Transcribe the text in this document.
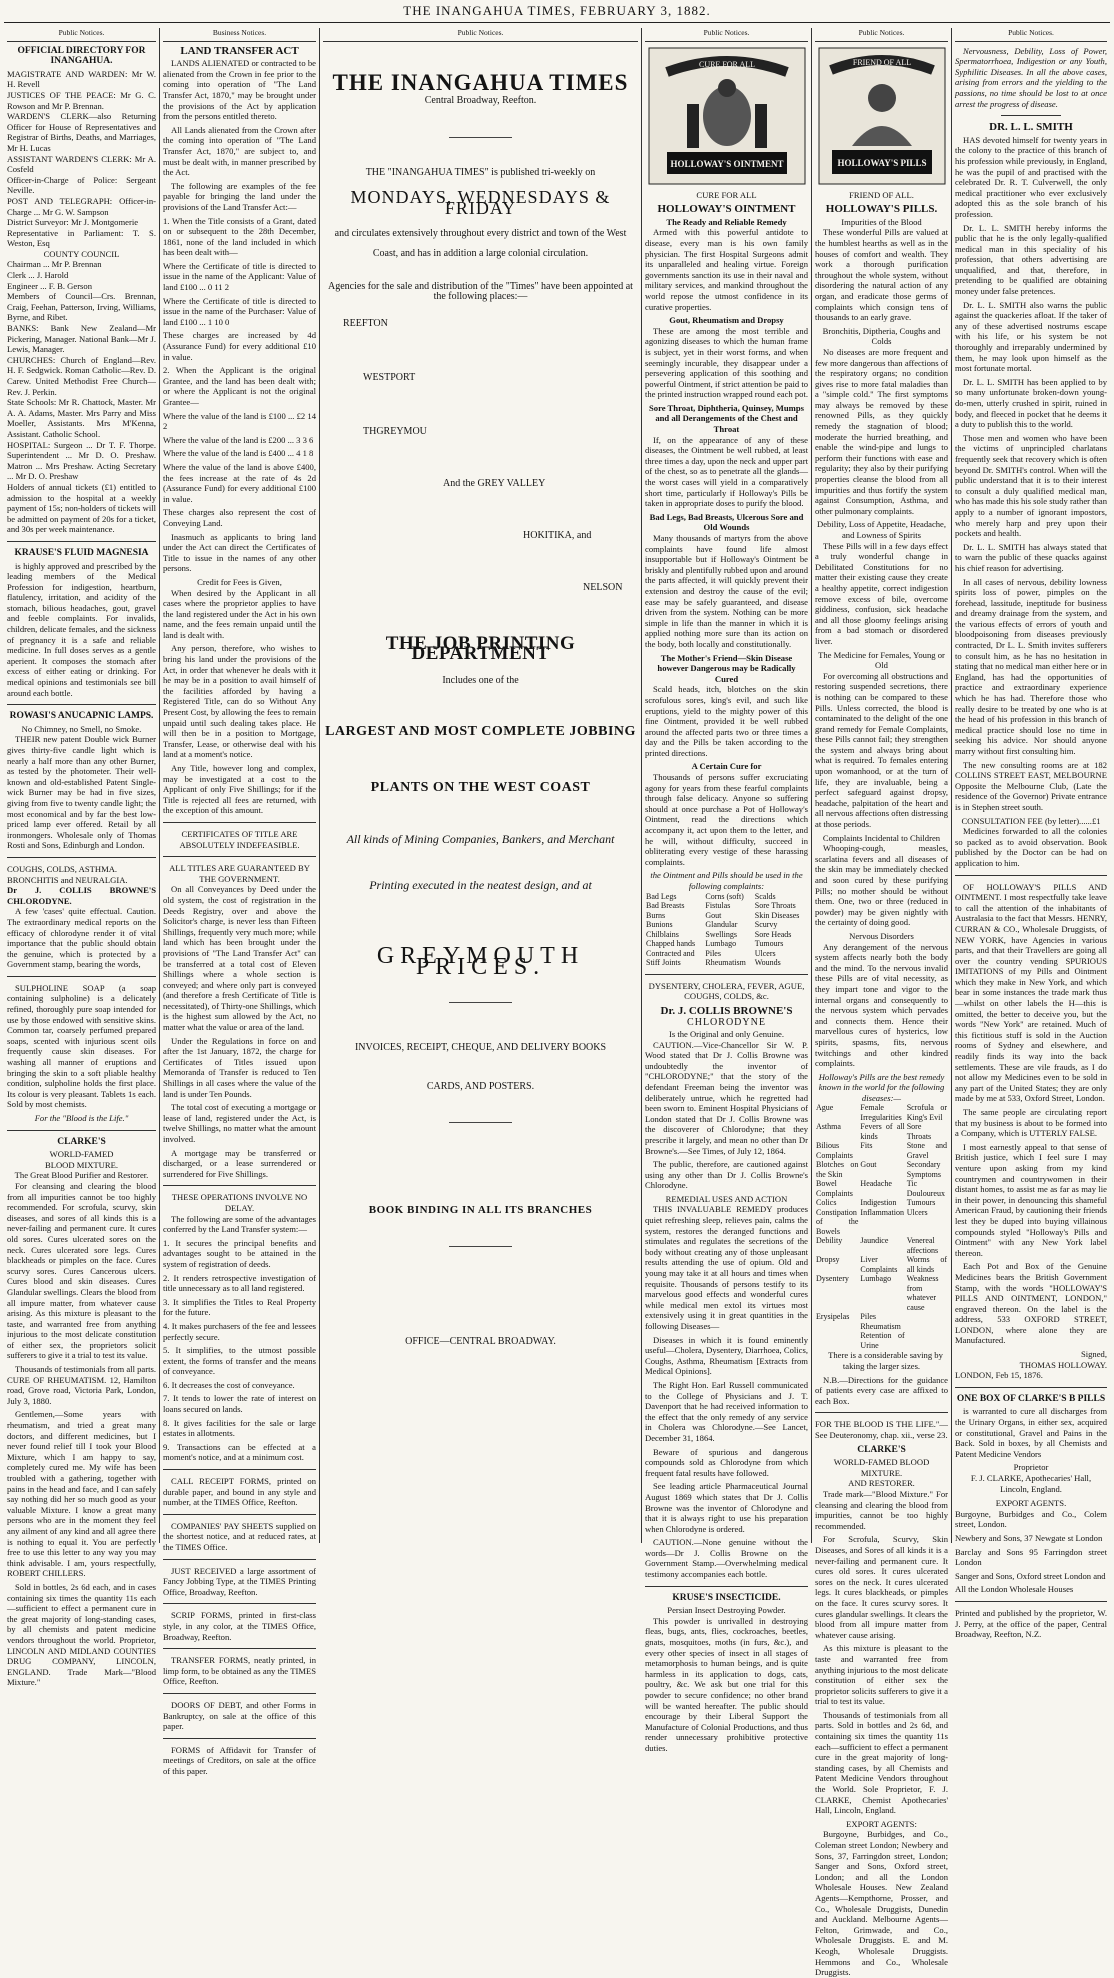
THE INANGAHUA TIMES, FEBRUARY 3, 1882.
Public Notices.
OFFICIAL DIRECTORY FOR INANGAHUA.
MAGISTRATE AND WARDEN: Mr W. H. Revell
JUSTICES OF THE PEACE: Mr G. C. Rowson and Mr P. Brennan.
WARDEN'S CLERK—also Returning Officer for House of Representatives and Registrar of Births, Deaths, and Marriages, Mr H. Lucas
ASSISTANT WARDEN'S CLERK: Mr A. Cosfeld
Officer-in-Charge of Police: Sergeant Neville.
POST AND TELEGRAPH: Officer-in-Charge ... Mr G. W. Sampson
District Surveyor: Mr J. Montgomerie
Representative in Parliament: T. S. Weston, Esq
COUNTY COUNCIL
Chairman ... Mr P. Brennan
Clerk ... J. Harold
Engineer ... F. B. Gerson
Members of Council—Crs. Brennan, Craig, Feehan, Patterson, Irving, Williams, Byrne, and Ribet.
BANKS: Bank New Zealand—Mr Pickering, Manager. National Bank—Mr J. Lewis, Manager.
CHURCHES: Church of England—Rev. H. F. Sedgwick. Roman Catholic—Rev. D. Carew. United Methodist Free Church—Rev. J. Perkin.
State Schools: Mr R. Chattock, Master. Mr A. A. Adams, Master. Mrs Parry and Miss Moeller, Assistants. Mrs M'Kenna, Assistant. Catholic School.
HOSPITAL: Surgeon ... Dr T. F. Thorpe. Superintendent ... Mr D. O. Preshaw. Matron ... Mrs Preshaw. Acting Secretary ... Mr D. O. Preshaw
Holders of annual tickets (£1) entitled to admission to the hospital at a weekly payment of 15s; non-holders of tickets will be admitted on payment of 20s for a ticket, and 30s per week maintenance.
KRAUSE'S FLUID MAGNESIA

is highly approved and prescribed by the leading members of the Medical Profession for indigestion, heartburn, flatulency, irritation, and acidity of the stomach, bilious headaches, gout, gravel and feeble complaints. For invalids, children, delicate females, and the sickness of pregnancy it is a safe and reliable medicine. In full doses serves as a gentle aperient. It composes the stomach after excess of either eating or drinking. For medical opinions and testimonials see bill around each bottle.

ROWASI'S ANUCAPNIC LAMPS.
No Chimney, no Smell, no Smoke.

THEIR new patent Double wick Burner gives thirty-five candle light which is nearly a half more than any other Burner, as tested by the photometer. Their well-known and old-established Patent Single-wick Burner may be had in five sizes, giving from five to twenty candle light; the most economical and by far the best low-priced lamp ever offered. Retail by all ironmongers. Wholesale only of Thomas Rosti and Sons, Edinburgh and London.

COUGHS, COLDS, ASTHMA.
BRONCHITIS and NEURALGIA.
Dr J. COLLIS BROWNE'S CHLORODYNE.

A few 'cases' quite effectual. Caution. The extraordinary medical reports on the efficacy of chlorodyne render it of vital importance that the public should obtain the genuine, which is protected by a Government stamp, bearing the words,

SULPHOLINE SOAP (a soap containing sulpholine) is a delicately refined, thoroughly pure soap intended for use by those endowed with sensitive skins. Common tar, coarsely perfumed prepared soaps, scented with injurious scent oils frequently cause skin diseases. For washing all manner of eruptions and bringing the skin to a soft pliable healthy condition, sulpholine holds the first place. Its colour is very pleasant. Tablets 1s each. Sold by most chemists.

For the "Blood is the Life."
CLARKE'S
WORLD-FAMED
BLOOD MIXTURE.
The Great Blood Purifier and Restorer.

For cleansing and clearing the blood from all impurities cannot be too highly recommended. For scrofula, scurvy, skin diseases, and sores of all kinds this is a never-failing and permanent cure. It cures old sores. Cures ulcerated sores on the neck. Cures ulcerated sore legs. Cures blackheads or pimples on the face. Cures scurvy sores. Cures Cancerous ulcers. Cures blood and skin diseases. Cures Glandular swellings. Clears the blood from all impure matter, from whatever cause arising. As this mixture is pleasant to the taste, and warranted free from anything injurious to the most delicate constitution of either sex, the proprietors solicit sufferers to give it a trial to test its value.

Thousands of testimonials from all parts. CURE OF RHEUMATISM. 12, Hamilton road, Grove road, Victoria Park, London, July 3, 1880.

Gentlemen,—Some years with rheumatism, and tried a great many doctors, and different medicines, but I never found relief till I took your Blood Mixture, which I am happy to say, completely cured me. My wife has been troubled with a gathering, together with pains in the head and face, and I can safely say nothing did her so much good as your valuable Mixture. I know a great many persons who are in the moment they feel any ailment of any kind and all agree there is nothing to equal it. You are perfectly free to use this letter to any way you may think advisable. I am, yours respectfully, ROBERT CHILLERS.

Sold in bottles, 2s 6d each, and in cases containing six times the quantity 11s each—sufficient to effect a permanent cure in the great majority of long-standing cases, by all chemists and patent medicine vendors throughout the world. Proprietor, LINCOLN AND MIDLAND COUNTIES DRUG COMPANY, LINCOLN, ENGLAND. Trade Mark—"Blood Mixture."

Business Notices.
LAND TRANSFER ACT

LANDS ALIENATED or contracted to be alienated from the Crown in fee prior to the coming into operation of "The Land Transfer Act, 1870," may be brought under the provisions of the Act by application from the persons entitled thereto.

All Lands alienated from the Crown after the coming into operation of "The Land Transfer Act, 1870," are subject to, and must be dealt with, in manner prescribed by the Act.

The following are examples of the fee payable for bringing the land under the provisions of the Land Transfer Act:—

1. When the Title consists of a Grant, dated on or subsequent to the 28th December, 1861, none of the land included in which has been dealt with—

Where the Certificate of title is directed to issue in the name of the Applicant: Value of land £100 ... 0 11 2

Where the Certificate of title is directed to issue in the name of the Purchaser: Value of land £100 ... 1 10 0

These charges are increased by 4d (Assurance Fund) for every additional £10 in value.

2. When the Applicant is the original Grantee, and the land has been dealt with; or where the Applicant is not the original Grantee—

Where the value of the land is £100 ... £2 14 2

Where the value of the land is £200 ... 3 3 6

Where the value of the land is £400 ... 4 1 8

Where the value of the land is above £400, the fees increase at the rate of 4s 2d (Assurance Fund) for every additional £100 in value.

These charges also represent the cost of Conveying Land.

Inasmuch as applicants to bring land under the Act can direct the Certificates of Title to issue in the names of any other persons.

Credit for Fees is Given,

When desired by the Applicant in all cases where the proprietor applies to have the land registered under the Act in his own name, and the fees remain unpaid until the land is dealt with.

Any person, therefore, who wishes to bring his land under the provisions of the Act, in order that whenever he deals with it he may be in a position to avail himself of the facilities afforded by having a Registered Title, can do so Without Any Present Cost, by allowing the fees to remain unpaid until such dealing takes place. He will then be in a position to Mortgage, Transfer, Lease, or otherwise deal with his land at a moment's notice.

Any Title, however long and complex, may be investigated at a cost to the Applicant of only Five Shillings; for if the Title is rejected all fees are returned, with the exception of this amount.

CERTIFICATES OF TITLE ARE
ABSOLUTELY INDEFEASIBLE.
ALL TITLES ARE GUARANTEED BY
THE GOVERNMENT.

On all Conveyances by Deed under the old system, the cost of registration in the Deeds Registry, over and above the Solicitor's charge, is never less than Fifteen Shillings, frequently very much more; while land which has been brought under the provisions of "The Land Transfer Act" can be transferred at a total cost of Eleven Shillings where a whole section is conveyed; and where only part is conveyed (and therefore a fresh Certificate of Title is necessitated), of Thirty-one Shillings, which is the highest sum allowed by the Act, no matter what the value or area of the land.

Under the Regulations in force on and after the 1st January, 1872, the charge for Certificates of Titles issued upon Memoranda of Transfer is reduced to Ten Shillings in all cases where the value of the land is under Ten Pounds.

The total cost of executing a mortgage or lease of land, registered under the Act, is twelve Shillings, no matter what the amount involved.

A mortgage may be transferred or discharged, or a lease surrendered or surrendered for Five Shillings.

THESE OPERATIONS INVOLVE NO DELAY.

The following are some of the advantages conferred by the Land Transfer system:—

1. It secures the principal benefits and advantages sought to be attained in the system of registration of deeds.

2. It renders retrospective investigation of title unnecessary as to all land registered.

3. It simplifies the Titles to Real Property for the future.

4. It makes purchasers of the fee and lessees perfectly secure.

5. It simplifies, to the utmost possible extent, the forms of transfer and the means of conveyance.

6. It decreases the cost of conveyance.

7. It tends to lower the rate of interest on loans secured on lands.

8. It gives facilities for the sale or large estates in allotments.

9. Transactions can be effected at a moment's notice, and at a minimum cost.

CALL RECEIPT FORMS, printed on durable paper, and bound in any style and number, at the TIMES Office, Reefton.

COMPANIES' PAY SHEETS supplied on the shortest notice, and at reduced rates, at the TIMES Office.

JUST RECEIVED a large assortment of Fancy Jobbing Type, at the TIMES Printing Office, Broadway, Reefton.

SCRIP FORMS, printed in first-class style, in any color, at the TIMES Office, Broadway, Reefton.

TRANSFER FORMS, neatly printed, in limp form, to be obtained as any the TIMES Office, Reefton.

DOORS OF DEBT, and other Forms in Bankruptcy, on sale at the office of this paper.

FORMS of Affidavit for Transfer of meetings of Creditors, on sale at the office of this paper.

Public Notices.
THE INANGAHUA TIMES
Central Broadway, Reefton.
THE "INANGAHUA TIMES" is published tri-weekly on
MONDAYS, WEDNESDAYS & FRIDAY
and circulates extensively throughout every district and town of the West Coast, and has in addition a large colonial circulation.
Agencies for the sale and distribution of the "Times" have been appointed at the following places:—
REEFTON
WESTPORT
THGREYMOU
And the GREY VALLEY
HOKITIKA, and
NELSON
THE JOB PRINTING DEPARTMENT
Includes one of the
LARGEST AND MOST COMPLETE JOBBING
PLANTS ON THE WEST COAST
All kinds of Mining Companies, Bankers, and Merchant
Printing executed in the neatest design, and at
GREYMOUTH PRICES.
INVOICES, RECEIPT, CHEQUE, AND DELIVERY BOOKS
CARDS, AND POSTERS.
BOOK BINDING IN ALL ITS BRANCHES
OFFICE—CENTRAL BROADWAY.
Public Notices.
CURE FOR ALL
HOLLOWAY'S OINTMENT
CURE FOR ALL
HOLLOWAY'S OINTMENT
The Ready and Reliable Remedy

Armed with this powerful antidote to disease, every man is his own family physician. The first Hospital Surgeons admit its unparalleled and healing virtue. Foreign governments sanction its use in their naval and military services, and mankind throughout the world repose the utmost confidence in its curative properties.

Gout, Rheumatism and Dropsy

These are among the most terrible and agonizing diseases to which the human frame is subject, yet in their worst forms, and when seemingly incurable, they disappear under a persevering application of this soothing and powerful Ointment, if strict attention be paid to the printed instruction wrapped round each pot.

Sore Throat, Diphtheria, Quinsey, Mumps and all Derangements of the Chest and Throat

If, on the appearance of any of these diseases, the Ointment be well rubbed, at least three times a day, upon the neck and upper part of the chest, so as to penetrate all the glands—the worst cases will yield in a comparatively short time, particularly if Holloway's Pills be taken in appropriate doses to purify the blood.

Bad Legs, Bad Breasts, Ulcerous Sore and Old Wounds

Many thousands of martyrs from the above complaints have found life almost insupportable but if Holloway's Ointment be briskly and plentifully rubbed upon and around the parts affected, it will quickly prevent their extension and destroy the cause of the evil; ease may be safely guaranteed, and disease driven from the system. Nothing can be more simple in life than the manner in which it is applied nothing more sure than its action on the body, both locally and constitutionally.

The Mother's Friend—Skin Disease however Dangerous may be Radically Cured

Scald heads, itch, blotches on the skin scrofulous sores, king's evil, and such like eruptions, yield to the mighty power of this fine Ointment, provided it be well rubbed around the affected parts two or three times a day and the Pills be taken according to the printed directions.

A Certain Cure for

Thousands of persons suffer excruciating agony for years from these fearful complaints through false delicacy. Anyone so suffering should at once purchase a Pot of Holloway's Ointment, read the directions which accompany it, act upon them to the letter, and he will, without difficulty, succeed in obliterating every vestige of these harassing complaints.

the Ointment and Pills should be used in the following complaints:
Bad Legs	Corns (soft)	Scalds
Bad Breasts	Fistulas	Sore Throats
Burns	Gout	Skin Diseases
Bunions	Glandular	Scurvy
Chilblains	Swellings	Sore Heads
Chapped hands	Lumbago	Tumours
Contracted and	Piles	Ulcers
Stiff Joints	Rheumatism	Wounds
DYSENTERY, CHOLERA, FEVER, AGUE, COUGHS, COLDS, &c.
Dr. J. COLLIS BROWNE'S
CHLORODYNE
Is the Original and only Genuine.

CAUTION.—Vice-Chancellor Sir W. P. Wood stated that Dr J. Collis Browne was undoubtedly the inventor of "CHLORODYNE;" that the story of the defendant Freeman being the inventor was deliberately untrue, which he regretted had been sworn to. Eminent Hospital Physicians of London stated that Dr J. Collis Browne was the discoverer of Chlorodyne; that they prescribe it largely, and mean no other than Dr Browne's.—See Times, of July 12, 1864.

The public, therefore, are cautioned against using any other than Dr J. Collis Browne's Chlorodyne.

REMEDIAL USES AND ACTION

THIS INVALUABLE REMEDY produces quiet refreshing sleep, relieves pain, calms the system, restores the deranged functions and stimulates and regulates the secretions of the body without creating any of those unpleasant results attending the use of opium. Old and young may take it at all hours and times when requisite. Thousands of persons testify to its marvelous good effects and wonderful cures while medical men extol its virtues most extensively using it in great quantities in the following Diseases—

Diseases in which it is found eminently useful—Cholera, Dysentery, Diarrhoea, Colics, Coughs, Asthma, Rheumatism [Extracts from Medical Opinions].

The Right Hon. Earl Russell communicated to the College of Physicians and J. T. Davenport that he had received information to the effect that the only remedy of any service in Cholera was Chlorodyne.—See Lancet, December 31, 1864.

Beware of spurious and dangerous compounds sold as Chlorodyne from which frequent fatal results have followed.

See leading article Pharmaceutical Journal August 1869 which states that Dr J. Collis Browne was the inventor of Chlorodyne and that it is always right to use his preparation when Chlorodyne is ordered.

CAUTION.—None genuine without the words—Dr J. Collis Browne on the Government Stamp.—Overwhelming medical testimony accompanies each bottle.

KRUSE'S INSECTICIDE.
Persian Insect Destroying Powder.

This powder is unrivalled in destroying fleas, bugs, ants, flies, cockroaches, beetles, gnats, mosquitoes, moths (in furs, &c.), and every other species of insect in all stages of metamorphosis to human beings, and is quite harmless in its application to dogs, cats, poultry, &c. We ask but one trial for this powder to secure confidence; no other brand will be wanted hereafter. The public should encourage by their Liberal Support the Manufacture of Colonial Productions, and thus render unnecessary prohibitive protective duties.

Public Notices.
FRIEND OF ALL
HOLLOWAY'S PILLS
FRIEND OF ALL.
HOLLOWAY'S PILLS.
Impurities of the Blood

These wonderful Pills are valued at the humblest hearths as well as in the houses of comfort and wealth. They work a thorough purification throughout the whole system, without disordering the natural action of any organ, and eradicate those germs of complaints which consign tens of thousands to an early grave.

Bronchitis, Diptheria, Coughs and Colds

No diseases are more frequent and few more dangerous than affections of the respiratory organs; no condition gives rise to more fatal maladies than a "simple cold." The first symptoms may always be removed by these renowned Pills, as they quickly remedy the stagnation of blood; moderate the hurried breathing, and enable the wind-pipe and lungs to perform their functions with ease and regularity; they also by their purifying properties cleanse the blood from all impurities and thus fortify the system against Consumption, Asthma, and other pulmonary complaints.

Debility, Loss of Appetite, Headache, and Lowness of Spirits

These Pills will in a few days effect a truly wonderful change in Debilitated Constitutions for no matter their existing cause they create a healthy appetite, correct indigestion remove excess of bile, overcome giddiness, confusion, sick headache and all those gloomy feelings arising from a bad stomach or disordered liver.

The Medicine for Females, Young or Old

For overcoming all obstructions and restoring suspended secretions, there is nothing can be compared to these Pills. Unless corrected, the blood is contaminated to the delight of the one grand remedy for Female Complaints, these Pills cannot fail; they strengthen the system and always bring about what is required. To females entering upon womanhood, or at the turn of life, they are invaluable, being a perfect safeguard against dropsy, headache, palpitation of the heart and all nervous affections often distressing at those periods.

Complaints Incidental to Children

Whooping-cough, measles, scarlatina fevers and all diseases of the skin may be immediately checked and soon cured by these purifying Pills; no mother should be without them. One, two or three (reduced in powder) may be given nightly with the certainty of doing good.

Nervous Disorders

Any derangement of the nervous system affects nearly both the body and the mind. To the nervous invalid these Pills are of vital necessity, as they impart tone and vigor to the internal organs and consequently to the nervous system which pervades and connects them. Hence their marvellous cures of hysterics, low spirits, spasms, fits, nervous twitchings and other kindred complaints.

Holloway's Pills are the best remedy known in the world for the following diseases:—
Ague	Female Irregularities	Scrofula or King's Evil
Asthma	Fevers of all kinds	Sore Throats
Bilious Complaints	Fits	Stone and Gravel
Blotches on the Skin	Gout	Secondary Symptoms
Bowel Complaints	Headache	Tic Douloureux
Colics	Indigestion	Tumours
Constipation of the Bowels	Inflammation	Ulcers
Debility	Jaundice	Venereal affections
Dropsy	Liver Complaints	Worms of all kinds
Dysentery	Lumbago	Weakness from whatever cause
Erysipelas	Piles	
	Rheumatism	
	Retention of Urine	

There is a considerable saving by taking the larger sizes.

N.B.—Directions for the guidance of patients every case are affixed to each Box.

FOR THE BLOOD IS THE LIFE."—See Deuteronomy, chap. xii., verse 23.

CLARKE'S
WORLD-FAMED BLOOD MIXTURE.
AND RESTORER.

Trade mark—"Blood Mixture." For cleansing and clearing the blood from impurities, cannot be too highly recommended.

For Scrofula, Scurvy, Skin Diseases, and Sores of all kinds it is a never-failing and permanent cure. It cures old sores. It cures ulcerated sores on the neck. It cures ulcerated legs. It cures blackheads, or pimples on the face. It cures scurvy sores. It cures glandular swellings. It clears the blood from all impure matter from whatever cause arising.

As this mixture is pleasant to the taste and warranted free from anything injurious to the most delicate constitution of either sex the proprietor solicits sufferers to give it a trial to test its value.

Thousands of testimonials from all parts. Sold in bottles and 2s 6d, and containing six times the quantity 11s each—sufficient to effect a permanent cure in the great majority of long-standing cases, by all Chemists and Patent Medicine Vendors throughout the World. Sole Proprietor, F. J. CLARKE, Chemist Apothecaries' Hall, Lincoln, England.

EXPORT AGENTS:

Burgoyne, Burbidges, and Co., Coleman street London; Newbery and Sons, 37, Farringdon street, London; Sanger and Sons, Oxford street, London; and all the London Wholesale Houses. New Zealand Agents—Kempthorne, Prosser, and Co., Wholesale Druggists, Dunedin and Auckland. Melbourne Agents—Felton, Grimwade, and Co., Wholesale Druggists. E. and M. Keogh, Wholesale Druggists. Hemmons and Co., Wholesale Druggists.

Public Notices.

Nervousness, Debility, Loss of Power, Spermatorrhoea, Indigestion or any Youth, Syphilitic Diseases. In all the above cases, arising from errors and the yielding to the passions, no time should be lost to at once arrest the progress of disease.

DR. L. L. SMITH

HAS devoted himself for twenty years in the colony to the practice of this branch of his profession while previously, in England, he was the pupil of and practised with the celebrated Dr. R. T. Culverwell, the only medical practitioner who ever exclusively adopted this as the sole branch of his profession.

Dr. L. L. SMITH hereby informs the public that he is the only legally-qualified medical man in this speciality of his profession, that others advertising are unqualified, and that, therefore, in pretending to be qualified are obtaining money under false pretences.

Dr. L. L. SMITH also warns the public against the quackeries afloat. If the taker of any of these advertised nostrums escape with his life, or his system be not thoroughly and irreparably undermined by them, he may look upon himself as the most fortunate mortal.

Dr. L. L. SMITH has been applied to by so many unfortunate broken-down young-do-men, utterly crushed in spirit, ruined in body, and fleeced in pocket that he deems it a duty to publish this to the world.

Those men and women who have been the victims of unprincipled charlatans frequently seek that recovery which is often beyond Dr. SMITH's control. When will the public understand that it is to their interest to consult a duly qualified medical man, who has made this his sole study rather than apply to a number of ignorant impostors, who merely harp and prey upon their pockets and health.

Dr. L. L. SMITH has always stated that to warn the public of these quacks against his chief reason for advertising.

In all cases of nervous, debility lowness spirits loss of power, pimples on the forehead, lassitude, ineptitude for business and dreamy drainage from the system, and the various effects of errors of youth and bloodpoisoning from diseases previously contracted, Dr L. L. Smith invites sufferers to consult him, as he has no hesitation in stating that no medical man either here or in England, has had the opportunities of practice and extraordinary experience which he has had. Therefore those who really desire to be treated by one who is at the head of his profession in this branch of medical practice should lose no time in seeking his advice. Nor should anyone marry without first consulting him.

The new consulting rooms are at 182 COLLINS STREET EAST, MELBOURNE Opposite the Melbourne Club, (Late the residence of the Governor) Private entrance is in Stephen street south.

CONSULTATION FEE (by letter)......£1

Medicines forwarded to all the colonies so packed as to avoid observation. Book published by the Doctor can be had on application to him.

OF HOLLOWAY'S PILLS AND OINTMENT. I most respectfully take leave to call the attention of the inhabitants of Australasia to the fact that Messrs. HENRY, CURRAN & CO., Wholesale Druggists, of NEW YORK, have Agencies in various parts, and that their Travellers are going all over the country vending SPURIOUS IMITATIONS of my Pills and Ointment which they make in New York, and which bear in some instances the trade mark thus—whilst on other labels the H—this is omitted, the better to deceive you, but the words "New York" are retained. Much of this fictitious stuff is sold in the Auction rooms of Sydney and elsewhere, and readily finds its way into the back settlements. These are vile frauds, as I do not allow my Medicines even to be sold in any part of the United States; they are only made by me at 533, Oxford Street, London.

The same people are circulating report that my business is about to be formed into a Company, which is UTTERLY FALSE.

I most earnestly appeal to that sense of British justice, which I feel sure I may venture upon asking from my kind countrymen and countrywomen in their distant homes, to assist me as far as may lie in their power, in denouncing this shameful American Fraud, by cautioning their friends lest they be duped into buying villainous compounds styled "Holloway's Pills and Ointment" with any New York label thereon.

Each Pot and Box of the Genuine Medicines bears the British Government Stamp, with the words "HOLLOWAY'S PILLS AND OINTMENT, LONDON," engraved thereon. On the label is the address, 533 OXFORD STREET, LONDON, where alone they are Manufactured.

Signed,
THOMAS HOLLOWAY.
LONDON, Feb 15, 1876.
ONE BOX OF CLARKE'S B PILLS

is warranted to cure all discharges from the Urinary Organs, in either sex, acquired or constitutional, Gravel and Pains in the Back. Sold in boxes, by all Chemists and Patent Medicine Vendors

Proprietor
F. J. CLARKE, Apothecaries' Hall,
Lincoln, England.
EXPORT AGENTS.

Burgoyne, Burbidges and Co., Colem street, London.

Newbery and Sons, 37 Newgate st London

Barclay and Sons 95 Farringdon street London

Sanger and Sons, Oxford street London and

All the London Wholesale Houses

Printed and published by the proprietor, W. J. Perry, at the office of the paper, Central Broadway, Reefton, N.Z.
